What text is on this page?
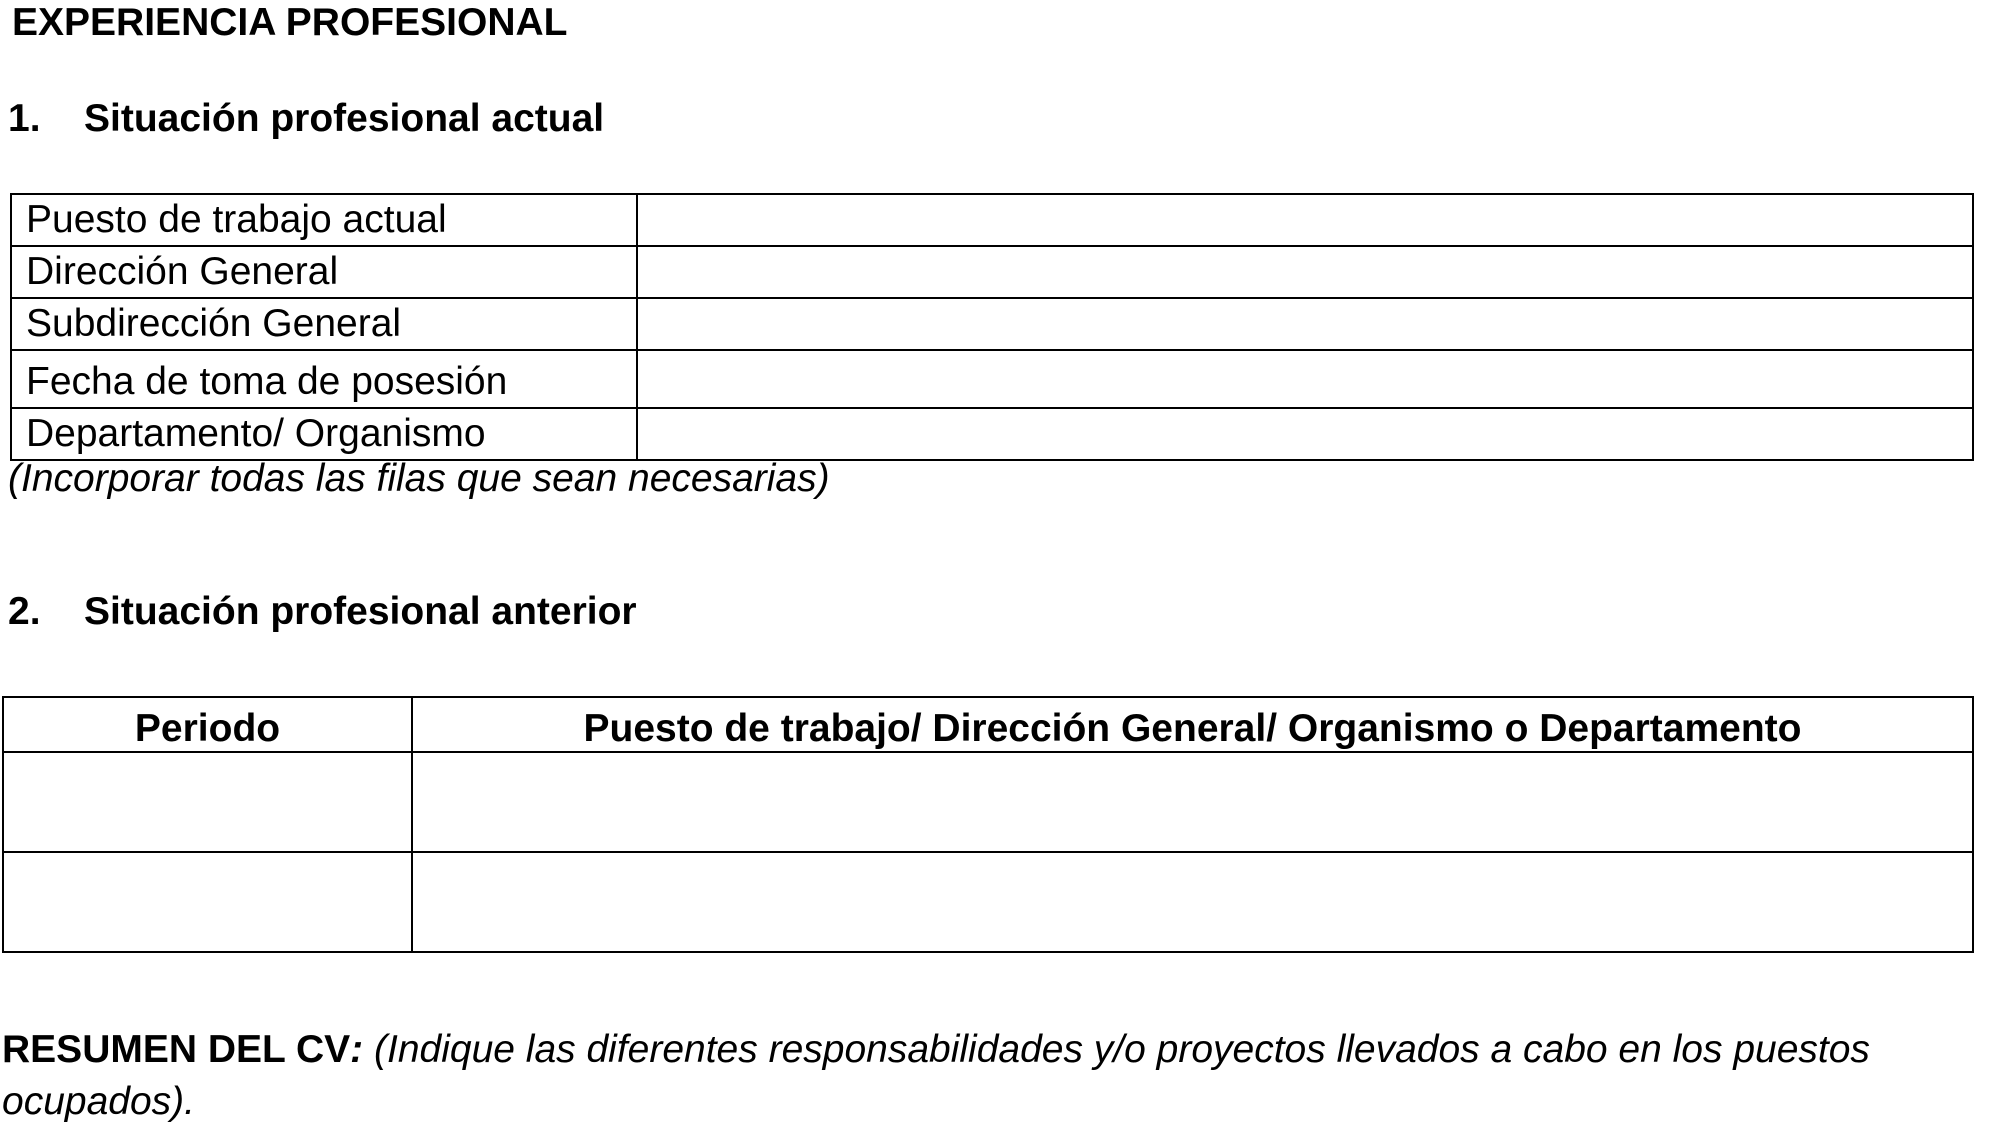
EXPERIENCIA PROFESIONAL
1. Situación profesional actual
Puesto de trabajo actual	
Dirección General	
Subdirección General	
Fecha de toma de posesión	
Departamento/ Organismo	
(Incorporar todas las filas que sean necesarias)
2. Situación profesional anterior
Periodo	Puesto de trabajo/ Dirección General/ Organismo o Departamento

RESUMEN DEL CV: (Indique las diferentes responsabilidades y/o proyectos llevados a cabo en los puestos ocupados).
